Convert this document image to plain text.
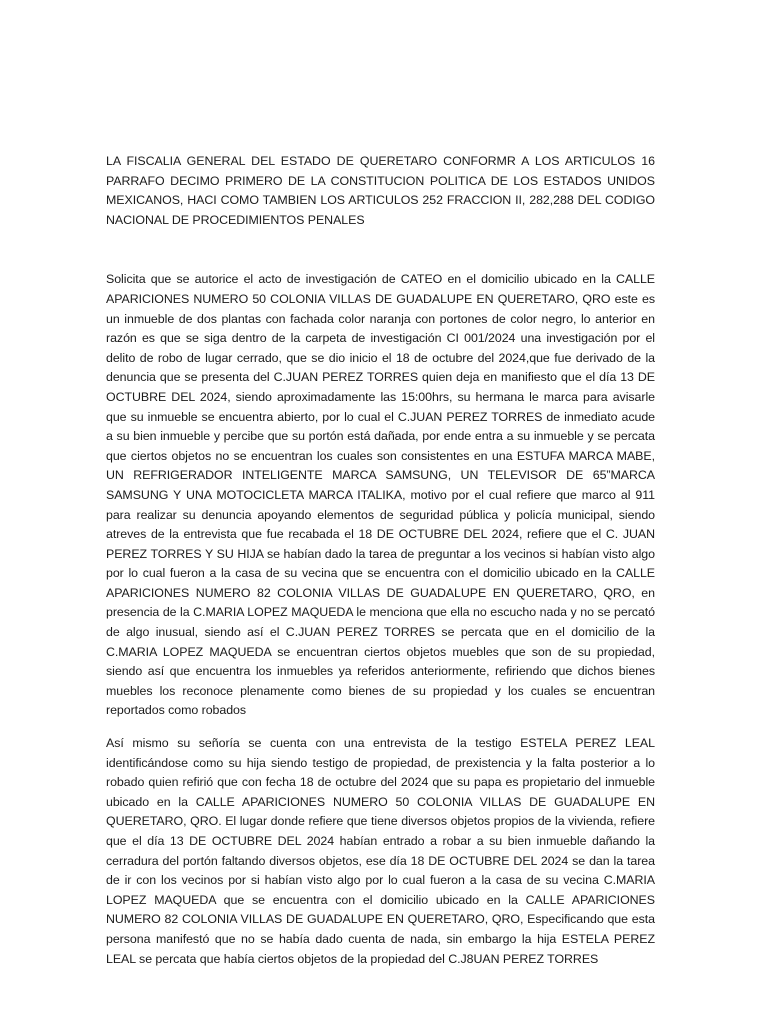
LA FISCALIA GENERAL DEL ESTADO DE QUERETARO CONFORMR A LOS ARTICULOS 16 PARRAFO DECIMO PRIMERO DE LA CONSTITUCION POLITICA DE LOS ESTADOS UNIDOS MEXICANOS, HACI COMO TAMBIEN LOS ARTICULOS 252 FRACCION II, 282,288 DEL CODIGO NACIONAL DE PROCEDIMIENTOS PENALES

Solicita que se autorice el acto de investigación de CATEO en el domicilio ubicado en la CALLE APARICIONES NUMERO 50 COLONIA VILLAS DE GUADALUPE EN QUERETARO, QRO este es un inmueble de dos plantas con fachada color naranja con portones de color negro, lo anterior en razón es que se siga dentro de la carpeta de investigación CI 001/2024 una investigación por el delito de robo de lugar cerrado, que se dio inicio el 18 de octubre del 2024,que fue derivado de la denuncia que se presenta del C.JUAN PEREZ TORRES quien deja en manifiesto que el día 13 DE OCTUBRE DEL 2024, siendo aproximadamente las 15:00hrs, su hermana le marca para avisarle que su inmueble se encuentra abierto, por lo cual el C.JUAN PEREZ TORRES de inmediato acude a su bien inmueble y percibe que su portón está dañada, por ende entra a su inmueble y se percata que ciertos objetos no se encuentran los cuales son consistentes en una ESTUFA MARCA MABE, UN REFRIGERADOR INTELIGENTE MARCA SAMSUNG, UN TELEVISOR DE 65”MARCA SAMSUNG Y UNA MOTOCICLETA MARCA ITALIKA, motivo por el cual refiere que marco al 911 para realizar su denuncia apoyando elementos de seguridad pública y policía municipal, siendo atreves de la entrevista que fue recabada el 18 DE OCTUBRE DEL 2024, refiere que el C. JUAN PEREZ TORRES Y SU HIJA se habían dado la tarea de preguntar a los vecinos si habían visto algo por lo cual fueron a la casa de su vecina que se encuentra con el domicilio ubicado en la CALLE APARICIONES NUMERO 82 COLONIA VILLAS DE GUADALUPE EN QUERETARO, QRO, en presencia de la C.MARIA LOPEZ MAQUEDA le menciona que ella no escucho nada y no se percató de algo inusual, siendo así el C.JUAN PEREZ TORRES se percata que en el domicilio de la C.MARIA LOPEZ MAQUEDA se encuentran ciertos objetos muebles que son de su propiedad, siendo así que encuentra los inmuebles ya referidos anteriormente, refiriendo que dichos bienes muebles los reconoce plenamente como bienes de su propiedad y los cuales se encuentran reportados como robados

Así mismo su señoría se cuenta con una entrevista de la testigo ESTELA PEREZ LEAL identificándose como su hija siendo testigo de propiedad, de prexistencia y la falta posterior a lo robado quien refirió que con fecha 18 de octubre del 2024 que su papa es propietario del inmueble ubicado en la CALLE APARICIONES NUMERO 50 COLONIA VILLAS DE GUADALUPE EN QUERETARO, QRO. El lugar donde refiere que tiene diversos objetos propios de la vivienda, refiere que el día 13 DE OCTUBRE DEL 2024 habían entrado a robar a su bien inmueble dañando la cerradura del portón faltando diversos objetos, ese día 18 DE OCTUBRE DEL 2024 se dan la tarea de ir con los vecinos por si habían visto algo por lo cual fueron a la casa de su vecina C.MARIA LOPEZ MAQUEDA que se encuentra con el domicilio ubicado en la CALLE APARICIONES NUMERO 82 COLONIA VILLAS DE GUADALUPE EN QUERETARO, QRO, Especificando que esta persona manifestó que no se había dado cuenta de nada, sin embargo la hija ESTELA PEREZ LEAL se percata que había ciertos objetos de la propiedad del C.J8UAN PEREZ TORRES
